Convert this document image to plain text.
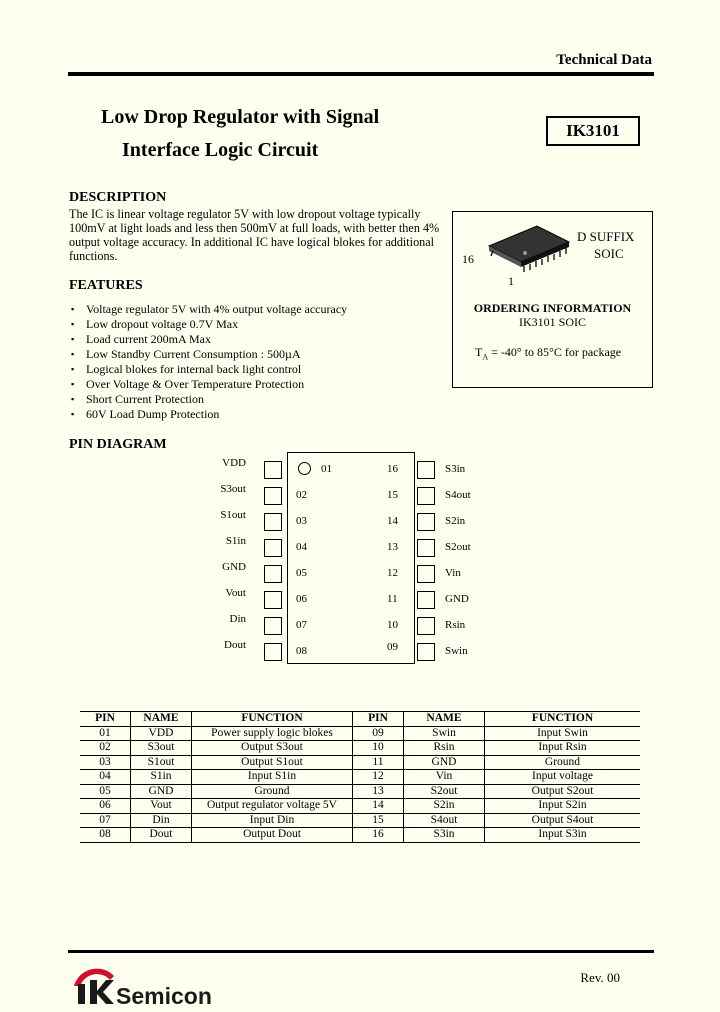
Technical Data
Low Drop Regulator with Signal
Interface Logic Circuit
IK3101
DESCRIPTION
The IC is linear voltage regulator 5V with low dropout voltage typically 100mV at light loads and less then 500mV at full loads, with better then 4% output voltage accuracy. In additional IC have logical blokes for additional functions.
FEATURES
▪ Voltage regulator 5V with 4% output voltage accuracy
▪ Low dropout voltage 0.7V Max
▪ Load current 200mA Max
▪ Low Standby Current Consumption : 500µA
▪ Logical blokes for internal back light control
▪ Over Voltage & Over Temperature Protection
▪ Short Current Protection
▪ 60V Load Dump Protection
16
1
D SUFFIX
SOIC
ORDERING INFORMATION
IK3101 SOIC
$T_A = -40^\circ$ to 85°C for package
PIN DIAGRAM
01
VDD
02
S3out
03
S1out
04
S1in
05
GND
06
Vout
07
Din
08
Dout
16	S3in
15	S4out
14	S2in
13	S2out
12	Vin
11	GND
10	Rsin
09	Swin
PIN	NAME	FUNCTION	PIN	NAME	FUNCTION
01	VDD	Power supply logic blokes	09	Swin	Input Swin
02	S3out	Output S3out	10	Rsin	Input Rsin
03	S1out	Output S1out	11	GND	Ground
04	S1in	Input S1in	12	Vin	Input voltage
05	GND	Ground	13	S2out	Output S2out
06	Vout	Output regulator voltage 5V	14	S2in	Input S2in
07	Din	Input Din	15	S4out	Output S4out
08	Dout	Output Dout	16	S3in	Input S3in
Semicon
Rev. 00
